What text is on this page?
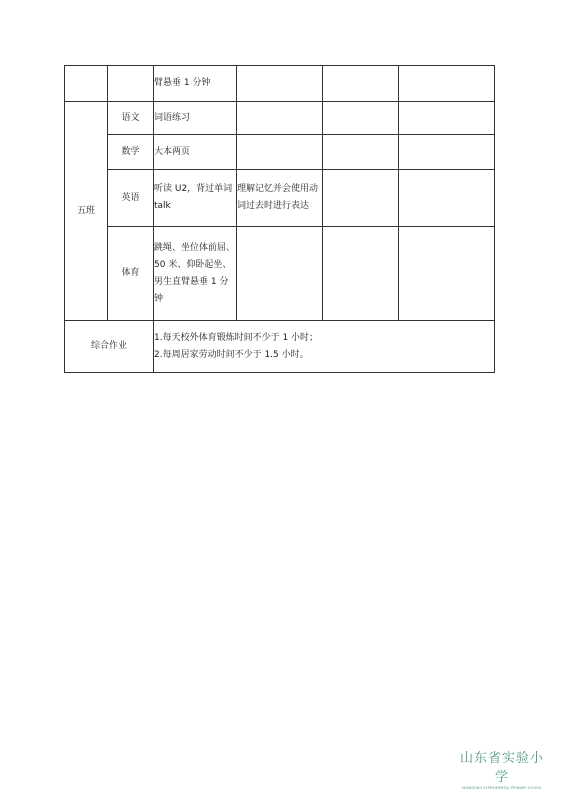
		臂悬垂 1 分钟			
五班	语文	词语练习			
	数学	大本两页			
	英语	听读 U2，背过单词 talk	理解记忆并会使用动词过去时进行表达		
	体育	跳绳、坐位体前屈、50 米、仰卧起坐、男生直臂悬垂 1 分钟			
综合作业		1.每天校外体育锻炼时间不少于 1 小时；
2.每周居家劳动时间不少于 1.5 小时。			
山东省实验小学
SHANDONG EXPERIMENTAL PRIMARY SCHOOL
